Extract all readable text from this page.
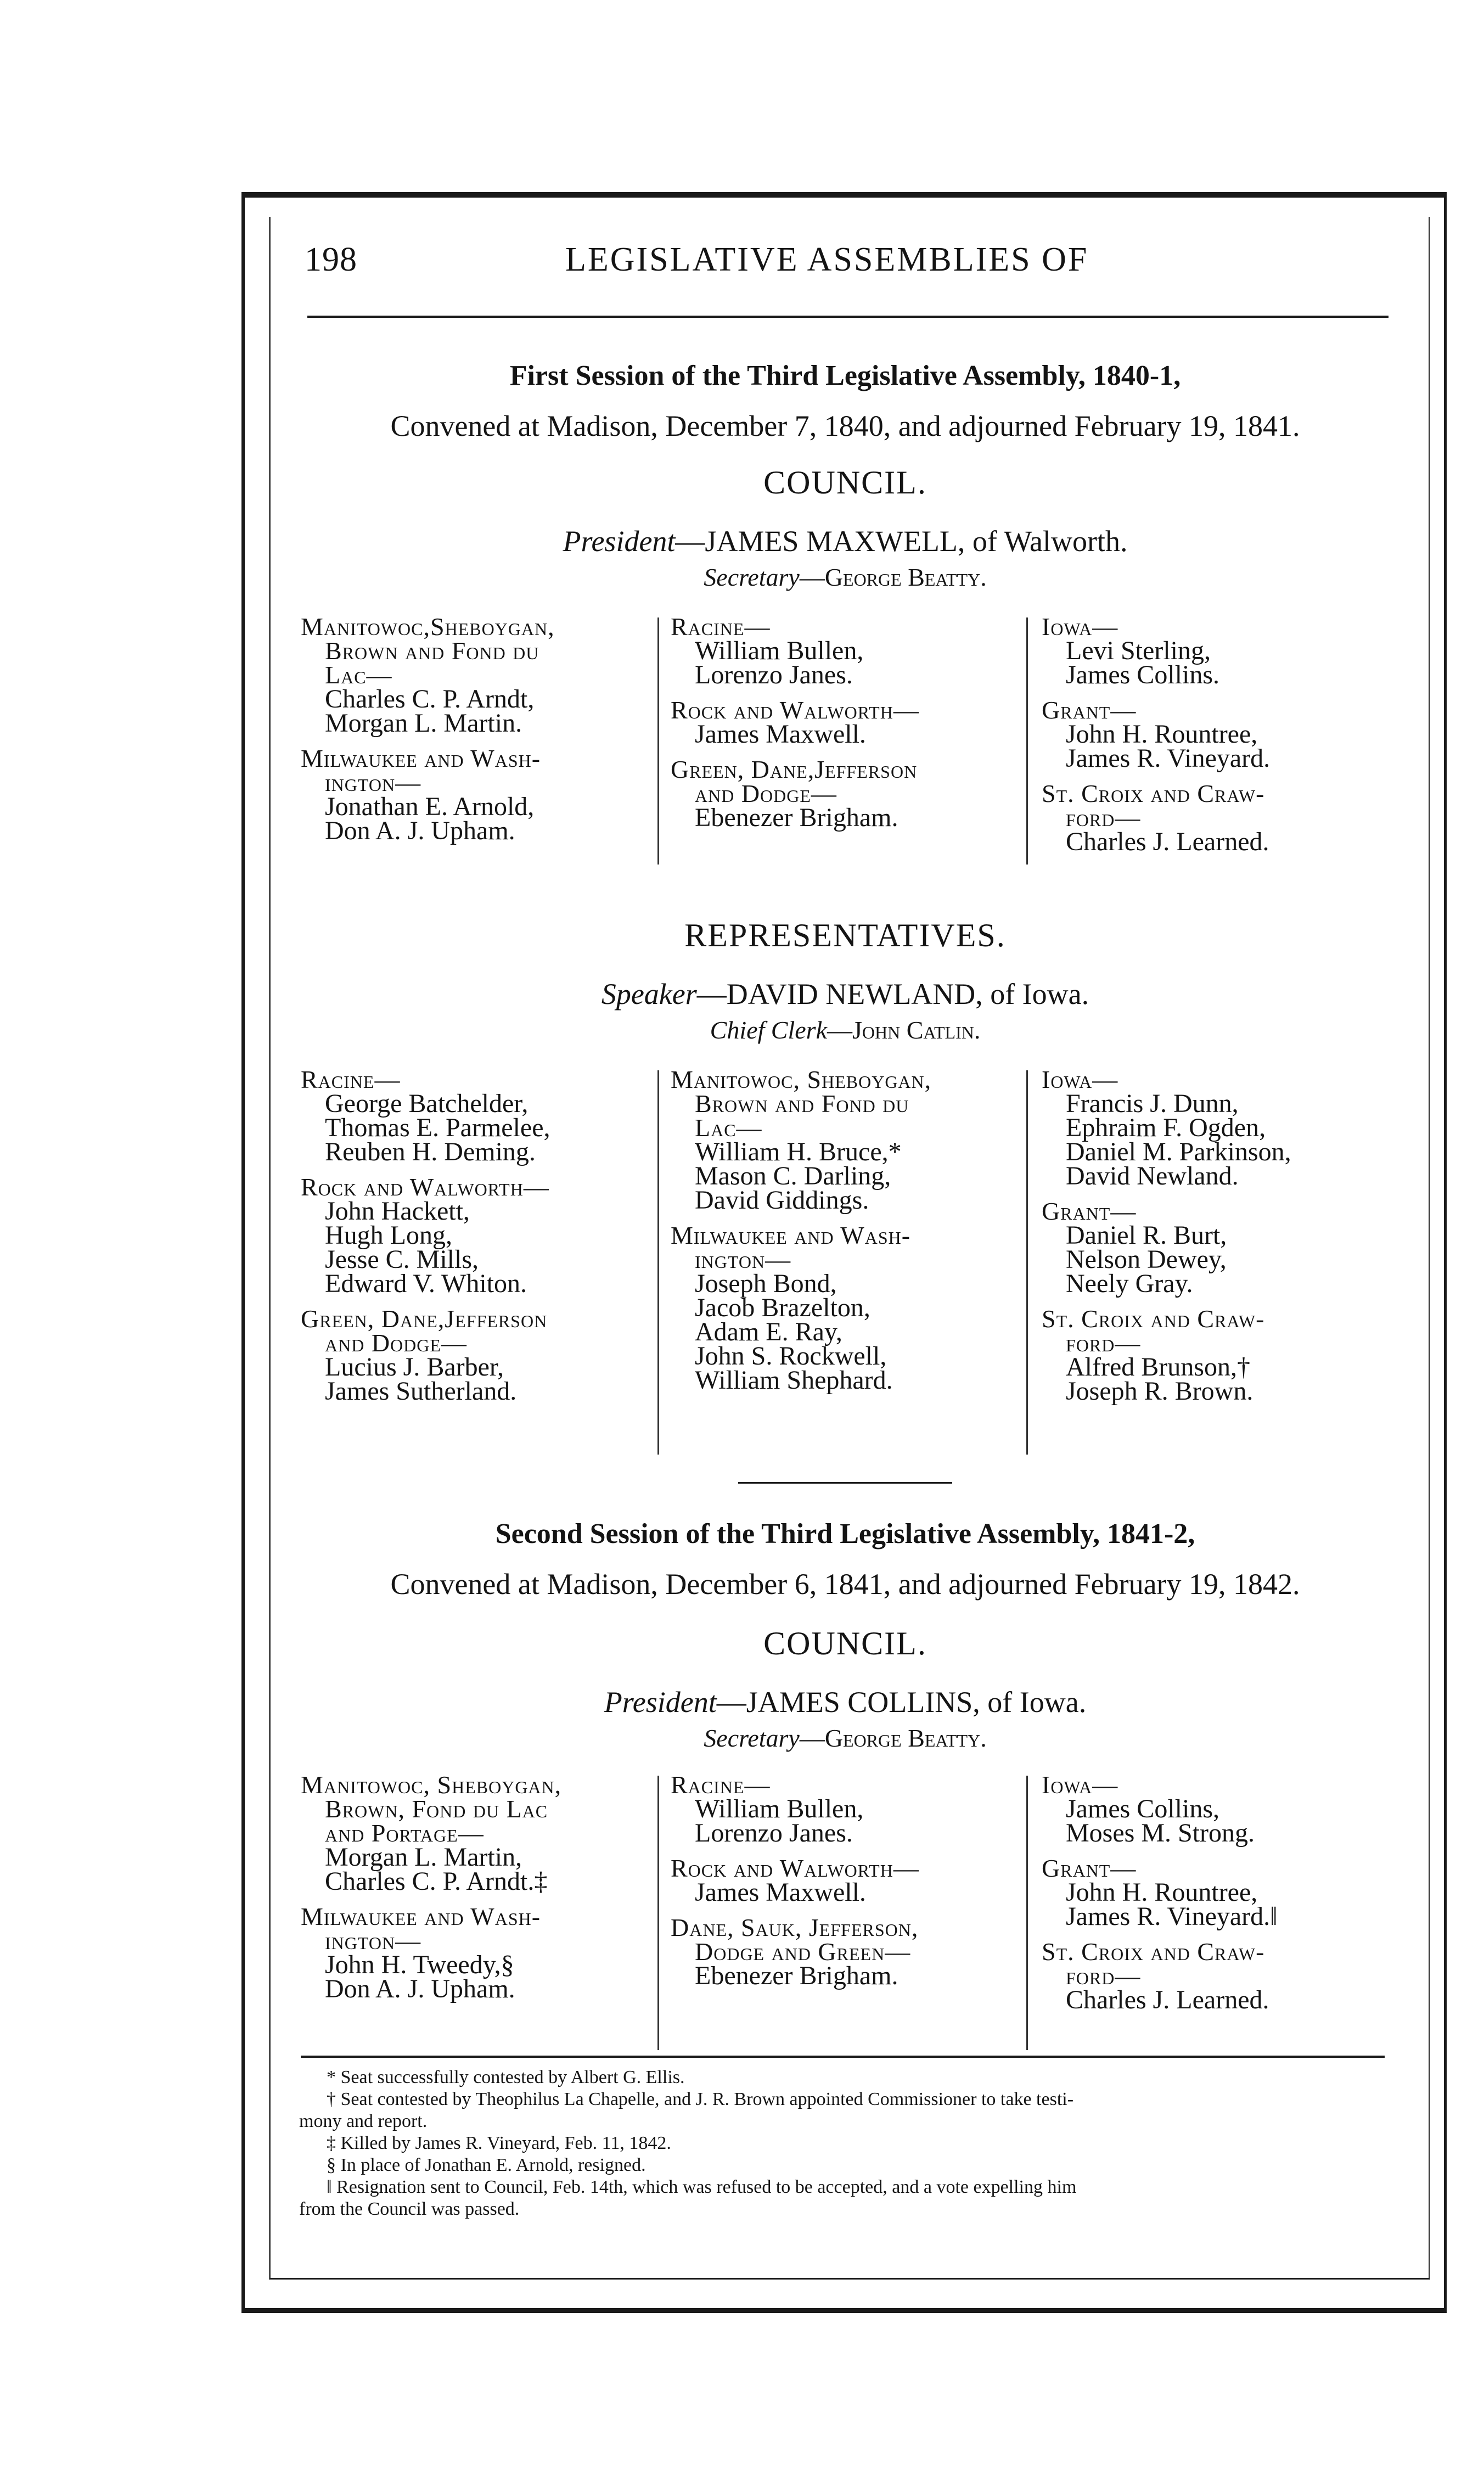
198	LEGISLATIVE ASSEMBLIES OF
First Session of the Third Legislative Assembly, 1840-1,
Convened at Madison, December 7, 1840, and adjourned February 19, 1841.
COUNCIL.
President—JAMES MAXWELL, of Walworth.
Secretary—George Beatty.
Manitowoc,Sheboygan,
Brown and Fond du
Lac—
Charles C. P. Arndt,
Morgan L. Martin.
Milwaukee and Wash-
ington—
Jonathan E. Arnold,
Don A. J. Upham.
Racine—
William Bullen,
Lorenzo Janes.
Rock and Walworth—
James Maxwell.
Green, Dane,Jefferson
and Dodge—
Ebenezer Brigham.
Iowa—
Levi Sterling,
James Collins.
Grant—
John H. Rountree,
James R. Vineyard.
St. Croix and Craw-
ford—
Charles J. Learned.
REPRESENTATIVES.
Speaker—DAVID NEWLAND, of Iowa.
Chief Clerk—John Catlin.
Racine—
George Batchelder,
Thomas E. Parmelee,
Reuben H. Deming.
Rock and Walworth—
John Hackett,
Hugh Long,
Jesse C. Mills,
Edward V. Whiton.
Green, Dane,Jefferson
and Dodge—
Lucius J. Barber,
James Sutherland.
Manitowoc, Sheboygan,
Brown and Fond du
Lac—
William H. Bruce,*
Mason C. Darling,
David Giddings.
Milwaukee and Wash-
ington—
Joseph Bond,
Jacob Brazelton,
Adam E. Ray,
John S. Rockwell,
William Shephard.
Iowa—
Francis J. Dunn,
Ephraim F. Ogden,
Daniel M. Parkinson,
David Newland.
Grant—
Daniel R. Burt,
Nelson Dewey,
Neely Gray.
St. Croix and Craw-
ford—
Alfred Brunson,†
Joseph R. Brown.
Second Session of the Third Legislative Assembly, 1841-2,
Convened at Madison, December 6, 1841, and adjourned February 19, 1842.
COUNCIL.
President—JAMES COLLINS, of Iowa.
Secretary—George Beatty.
Manitowoc, Sheboygan,
Brown, Fond du Lac
and Portage—
Morgan L. Martin,
Charles C. P. Arndt.‡
Milwaukee and Wash-
ington—
John H. Tweedy,§
Don A. J. Upham.
Racine—
William Bullen,
Lorenzo Janes.
Rock and Walworth—
James Maxwell.
Dane, Sauk, Jefferson,
Dodge and Green—
Ebenezer Brigham.
Iowa—
James Collins,
Moses M. Strong.
Grant—
John H. Rountree,
James R. Vineyard.‖
St. Croix and Craw-
ford—
Charles J. Learned.

* Seat successfully contested by Albert G. Ellis.

† Seat contested by Theophilus La Chapelle, and J. R. Brown appointed Commissioner to take testi-

mony and report.

‡ Killed by James R. Vineyard, Feb. 11, 1842.

§ In place of Jonathan E. Arnold, resigned.

‖ Resignation sent to Council, Feb. 14th, which was refused to be accepted, and a vote expelling him

from the Council was passed.
